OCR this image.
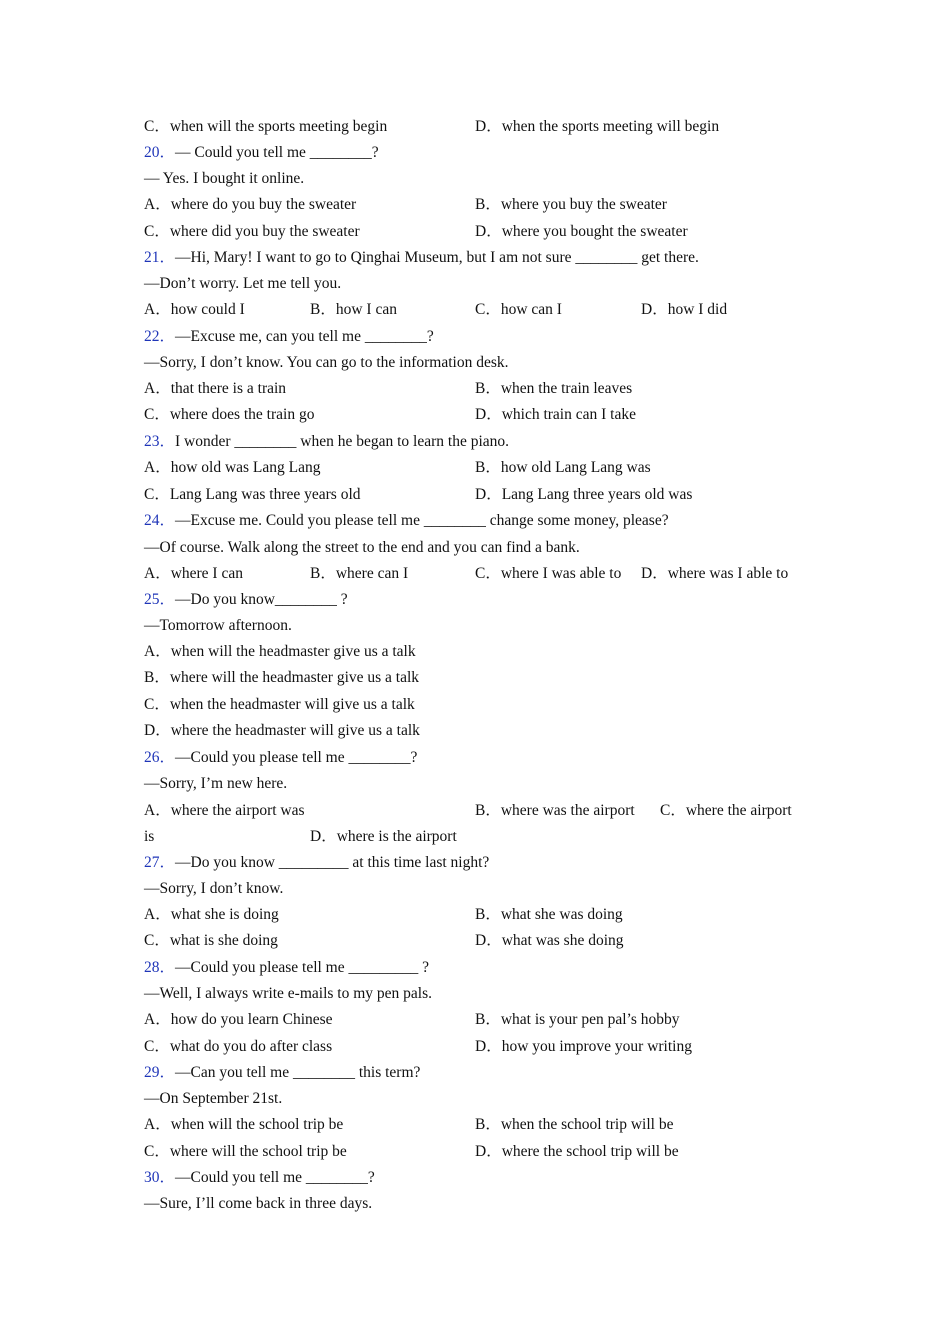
C．when will the sports meeting begin	D．when the sports meeting will begin
20．— Could you tell me ________?
— Yes. I bought it online.
A．where do you buy the sweater	B．where you buy the sweater
C．where did you buy the sweater	D．where you bought the sweater
21．—Hi, Mary! I want to go to Qinghai Museum, but I am not sure ________ get there.
—Don’t worry. Let me tell you.
A．how could I	B．how I can	C．how can I	D．how I did
22．—Excuse me, can you tell me ________?
—Sorry, I don’t know. You can go to the information desk.
A．that there is a train	B．when the train leaves
C．where does the train go	D．which train can I take
23．I wonder ________ when he began to learn the piano.
A．how old was Lang Lang	B．how old Lang Lang was
C．Lang Lang was three years old	D．Lang Lang three years old was
24．—Excuse me. Could you please tell me ________ change some money, please?
—Of course. Walk along the street to the end and you can find a bank.
A．where I can	B．where can I	C．where I was able to D．where was I able to
25．—Do you know________ ?
—Tomorrow afternoon.
A．when will the headmaster give us a talk
B．where will the headmaster give us a talk
C．when the headmaster will give us a talk
D．where the headmaster will give us a talk
26．—Could you please tell me ________?
—Sorry, I’m new here.
A．where the airport was	B．where was the airport C．where the airport
is	D．where is the airport
27．—Do you know _________ at this time last night?
—Sorry, I don’t know.
A．what she is doing	B．what she was doing
C．what is she doing	D．what was she doing
28．—Could you please tell me _________ ?
—Well, I always write e-mails to my pen pals.
A．how do you learn Chinese	B．what is your pen pal’s hobby
C．what do you do after class	D．how you improve your writing
29．—Can you tell me ________ this term?
—On September 21st.
A．when will the school trip be	B．when the school trip will be
C．where will the school trip be	D．where the school trip will be
30．—Could you tell me ________?
—Sure, I’ll come back in three days.
